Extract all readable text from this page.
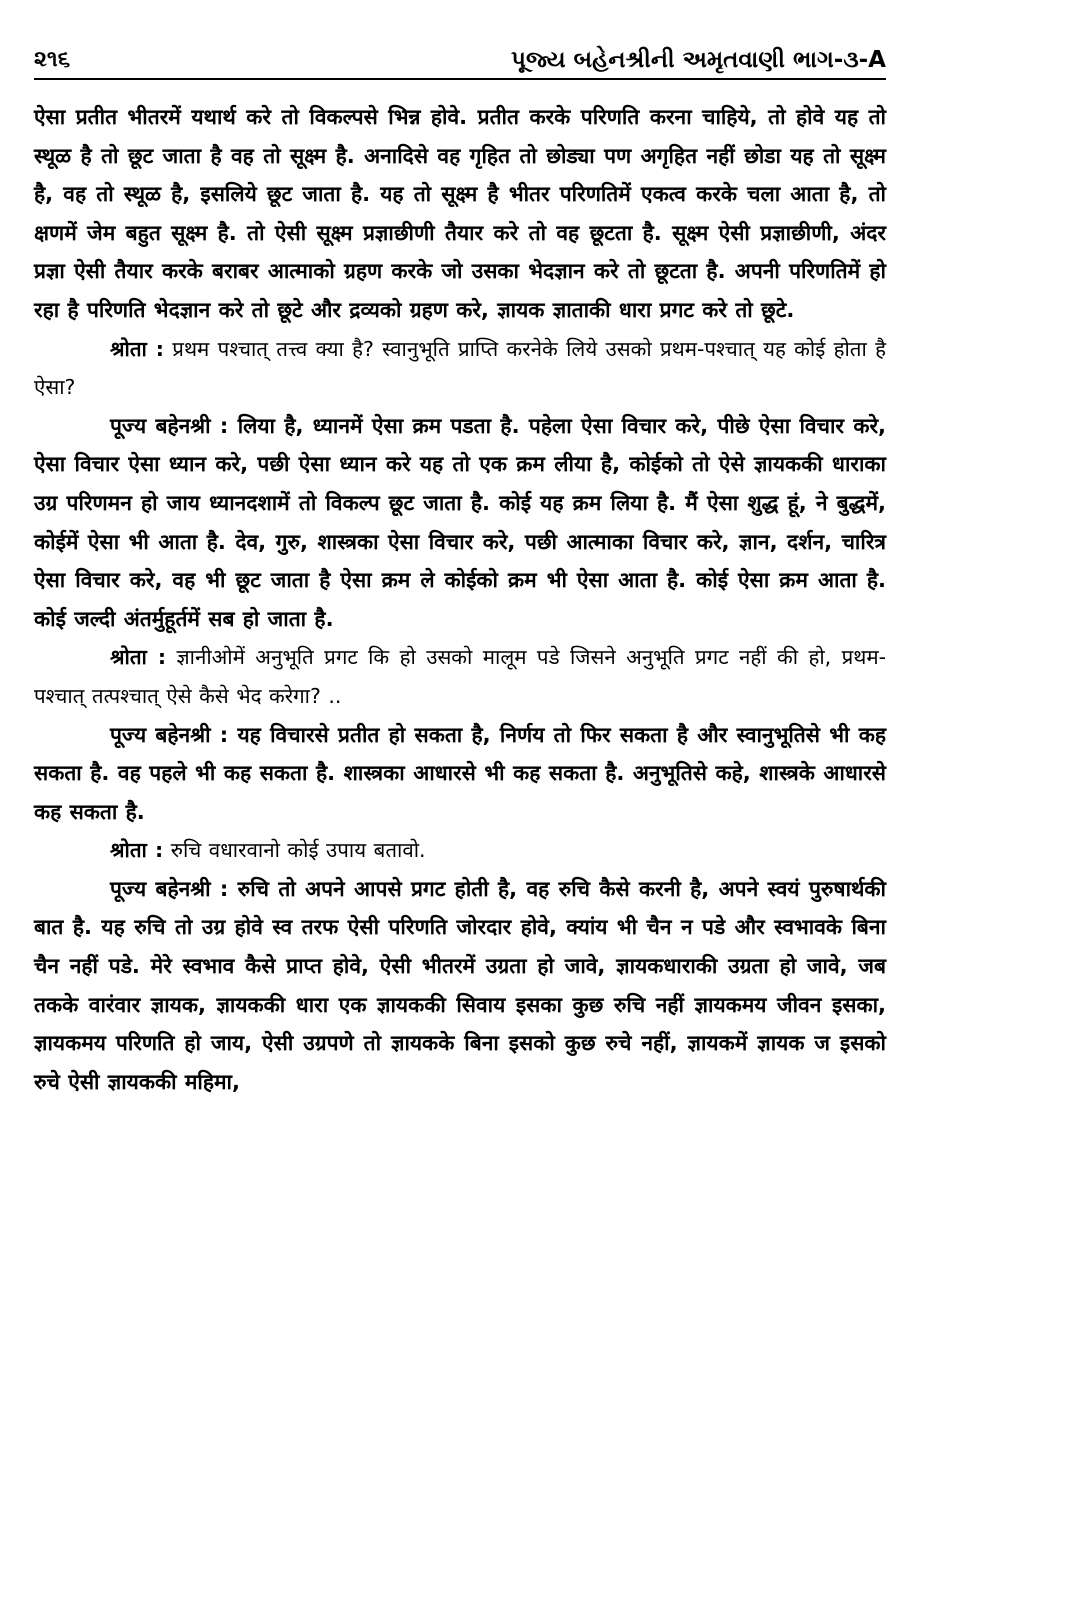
૨૧૬	પૂજ્ય બહેનશ્રીની અમૃતવાણી ભાગ-૩-A

ऐसा प्रतीत भीतरमें यथार्थ करे तो विकल्पसे भिन्न होवे. प्रतीत करके परिणति करना चाहिये, तो होवे यह तो स्थूळ है तो छूट जाता है वह तो सूक्ष्म है. अनादिसे वह गृहित तो छोड्या पण अगृहित नहीं छोडा यह तो सूक्ष्म है, वह तो स्थूळ है, इसलिये छूट जाता है. यह तो सूक्ष्म है भीतर परिणतिमें एकत्व करके चला आता है, तो क्षणमें जेम बहुत सूक्ष्म है. तो ऐसी सूक्ष्म प्रज्ञाछीणी तैयार करे तो वह छूटता है. सूक्ष्म ऐसी प्रज्ञाछीणी, अंदर प्रज्ञा ऐसी तैयार करके बराबर आत्माको ग्रहण करके जो उसका भेदज्ञान करे तो छूटता है. अपनी परिणतिमें हो रहा है परिणति भेदज्ञान करे तो छूटे और द्रव्यको ग्रहण करे, ज्ञायक ज्ञाताकी धारा प्रगट करे तो छूटे.

श्रोता : प्रथम पश्चात् तत्त्व क्या है? स्वानुभूति प्राप्ति करनेके लिये उसको प्रथम-पश्चात् यह कोई होता है ऐसा?

पूज्य बहेनश्री : लिया है, ध्यानमें ऐसा क्रम पडता है. पहेला ऐसा विचार करे, पीछे ऐसा विचार करे, ऐसा विचार ऐसा ध्यान करे, पछी ऐसा ध्यान करे यह तो एक क्रम लीया है, कोईको तो ऐसे ज्ञायककी धाराका उग्र परिणमन हो जाय ध्यानदशामें तो विकल्प छूट जाता है. कोई यह क्रम लिया है. मैं ऐसा शुद्ध हूं, ने बुद्धमें, कोईमें ऐसा भी आता है. देव, गुरु, शास्त्रका ऐसा विचार करे, पछी आत्माका विचार करे, ज्ञान, दर्शन, चारित्र ऐसा विचार करे, वह भी छूट जाता है ऐसा क्रम ले कोईको क्रम भी ऐसा आता है. कोई ऐसा क्रम आता है. कोई जल्दी अंतर्मुहूर्तमें सब हो जाता है.

श्रोता : ज्ञानीओमें अनुभूति प्रगट कि हो उसको मालूम पडे जिसने अनुभूति प्रगट नहीं की हो, प्रथम-पश्चात् तत्पश्चात् ऐसे कैसे भेद करेगा? ..

पूज्य बहेनश्री : यह विचारसे प्रतीत हो सकता है, निर्णय तो फिर सकता है और स्वानुभूतिसे भी कह सकता है. वह पहले भी कह सकता है. शास्त्रका आधारसे भी कह सकता है. अनुभूतिसे कहे, शास्त्रके आधारसे कह सकता है.

श्रोता : रुचि वधारवानो कोई उपाय बतावो.

पूज्य बहेनश्री : रुचि तो अपने आपसे प्रगट होती है, वह रुचि कैसे करनी है, अपने स्वयं पुरुषार्थकी बात है. यह रुचि तो उग्र होवे स्व तरफ ऐसी परिणति जोरदार होवे, क्यांय भी चैन न पडे और स्वभावके बिना चैन नहीं पडे. मेरे स्वभाव कैसे प्राप्त होवे, ऐसी भीतरमें उग्रता हो जावे, ज्ञायकधाराकी उग्रता हो जावे, जब तकके वारंवार ज्ञायक, ज्ञायककी धारा एक ज्ञायककी सिवाय इसका कुछ रुचि नहीं ज्ञायकमय जीवन इसका, ज्ञायकमय परिणति हो जाय, ऐसी उग्रपणे तो ज्ञायकके बिना इसको कुछ रुचे नहीं, ज्ञायकमें ज्ञायक ज इसको रुचे ऐसी ज्ञायककी महिमा,
